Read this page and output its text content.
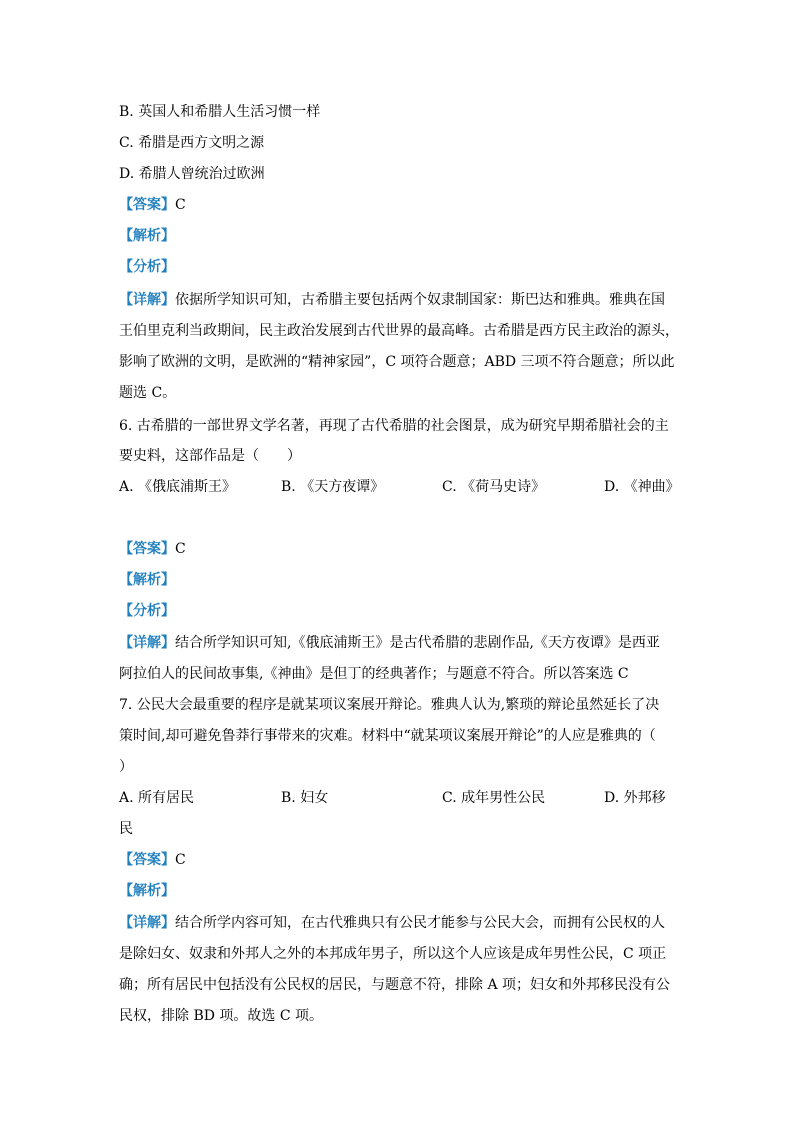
B. 英国人和希腊人生活习惯一样
C. 希腊是西方文明之源
D. 希腊人曾统治过欧洲
【答案】C
【解析】
【分析】
【详解】依据所学知识可知，古希腊主要包括两个奴隶制国家：斯巴达和雅典。雅典在国
王伯里克利当政期间，民主政治发展到古代世界的最高峰。古希腊是西方民主政治的源头，
影响了欧洲的文明，是欧洲的“精神家园”，C 项符合题意；ABD 三项不符合题意；所以此
题选 C。
6. 古希腊的一部世界文学名著，再现了古代希腊的社会图景，成为研究早期希腊社会的主
要史料，这部作品是（　　）
A. 《俄底浦斯王》	B. 《天方夜谭》	C. 《荷马史诗》	D. 《神曲》
【答案】C
【解析】
【分析】
【详解】结合所学知识可知,《俄底浦斯王》是古代希腊的悲剧作品,《天方夜谭》是西亚
阿拉伯人的民间故事集,《神曲》是但丁的经典著作；与题意不符合。所以答案选 C
7. 公民大会最重要的程序是就某项议案展开辩论。雅典人认为,繁琐的辩论虽然延长了决
策时间,却可避免鲁莽行事带来的灾难。材料中“就某项议案展开辩论”的人应是雅典的（
）
A. 所有居民	B. 妇女	C. 成年男性公民	D. 外邦移
民
【答案】C
【解析】
【详解】结合所学内容可知，在古代雅典只有公民才能参与公民大会，而拥有公民权的人
是除妇女、奴隶和外邦人之外的本邦成年男子，所以这个人应该是成年男性公民，C 项正
确；所有居民中包括没有公民权的居民，与题意不符，排除 A 项；妇女和外邦移民没有公
民权，排除 BD 项。故选 C 项。
